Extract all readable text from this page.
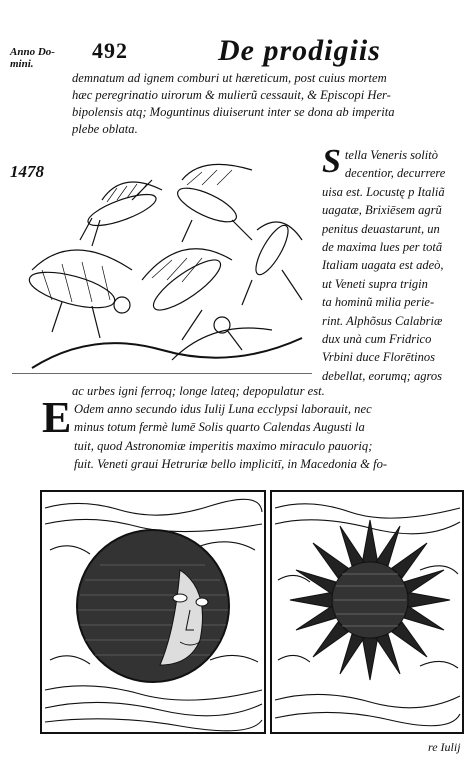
Anno Do-
mini.
492	De prodigiis
demnatum ad ignem comburi ut hæreticum, post cuius mortem
hæc peregrinatio uirorum & mulierũ cessauit, & Episcopi Her-
bipolensis atq; Moguntinus diuiserunt inter se dona ab imperita
plebe oblata.
1478	S tella Veneris solitò
decentior, decurrere
uisa est. Locustę p Italiã
uagatæ, Brixiēsem agrũ
penitus deuastarunt, un
de maxima lues per totã
Italiam uagata est adeò,
ut Veneti supra trigin
ta hominũ milia perie-
rint. Alphõsus Calabriæ
dux unà cum Fridrico
Vrbini duce Florētinos
debellat, eorumq; agros
ac urbes igni ferroq; longe lateq; depopulatur est.
E Odem anno secundo idus Iulij Luna ecclypsi laborauit, nec
minus totum fermè lumē Solis quarto Calendas Augusti la
tuit, quod Astronomiæ imperitis maximo miraculo pauoriq;
fuit. Veneti graui Hetruriæ bello implicitī, in Macedonia & fo-
re Iulij
